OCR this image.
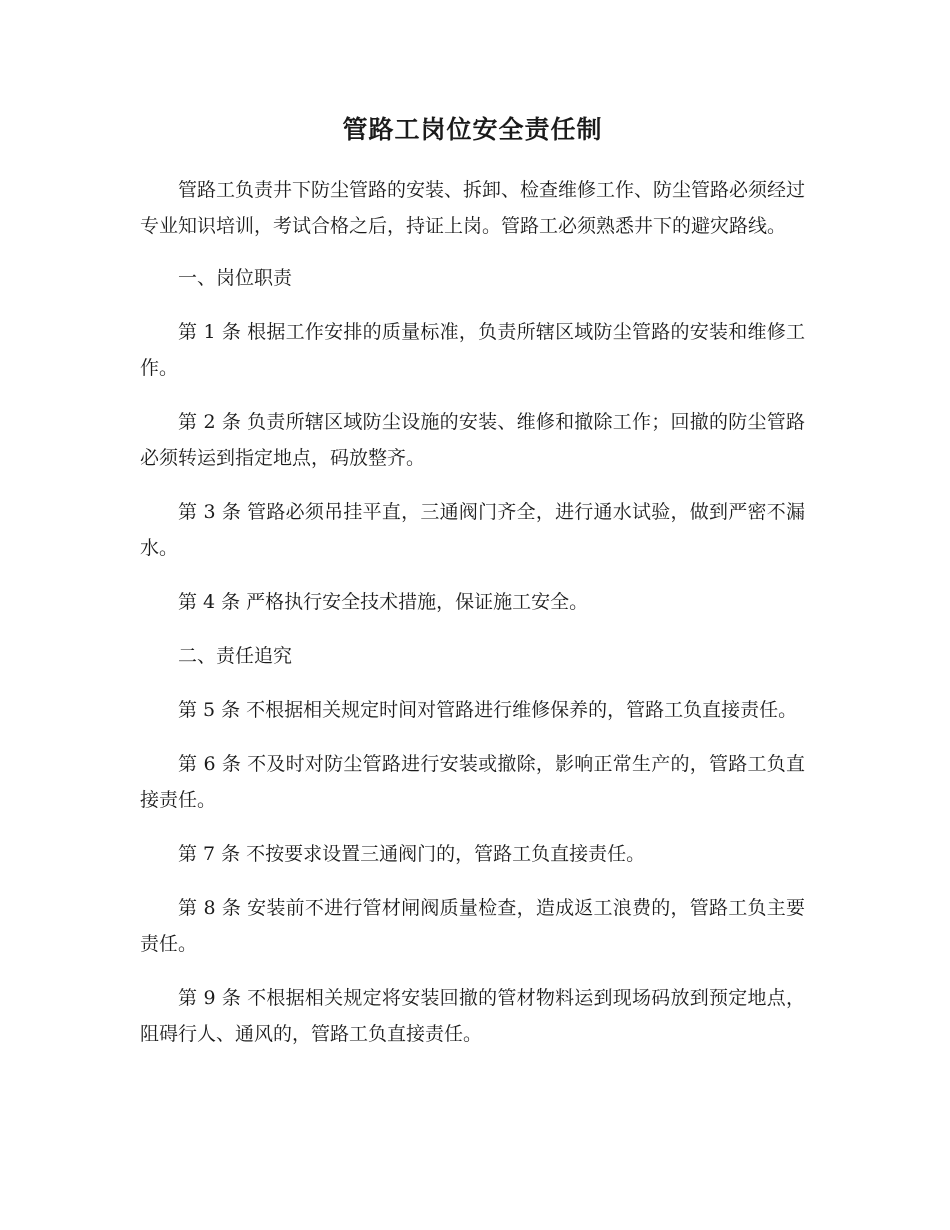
管路工岗位安全责任制

管路工负责井下防尘管路的安装、拆卸、检查维修工作、防尘管路必须经过专业知识培训，考试合格之后，持证上岗。管路工必须熟悉井下的避灾路线。

一、岗位职责

第 1 条 根据工作安排的质量标准，负责所辖区域防尘管路的安装和维修工作。

第 2 条 负责所辖区域防尘设施的安装、维修和撤除工作；回撤的防尘管路必须转运到指定地点，码放整齐。

第 3 条 管路必须吊挂平直，三通阀门齐全，进行通水试验，做到严密不漏水。

第 4 条 严格执行安全技术措施，保证施工安全。

二、责任追究

第 5 条 不根据相关规定时间对管路进行维修保养的，管路工负直接责任。

第 6 条 不及时对防尘管路进行安装或撤除，影响正常生产的，管路工负直接责任。

第 7 条 不按要求设置三通阀门的，管路工负直接责任。

第 8 条 安装前不进行管材闸阀质量检查，造成返工浪费的，管路工负主要责任。

第 9 条 不根据相关规定将安装回撤的管材物料运到现场码放到预定地点，阻碍行人、通风的，管路工负直接责任。
